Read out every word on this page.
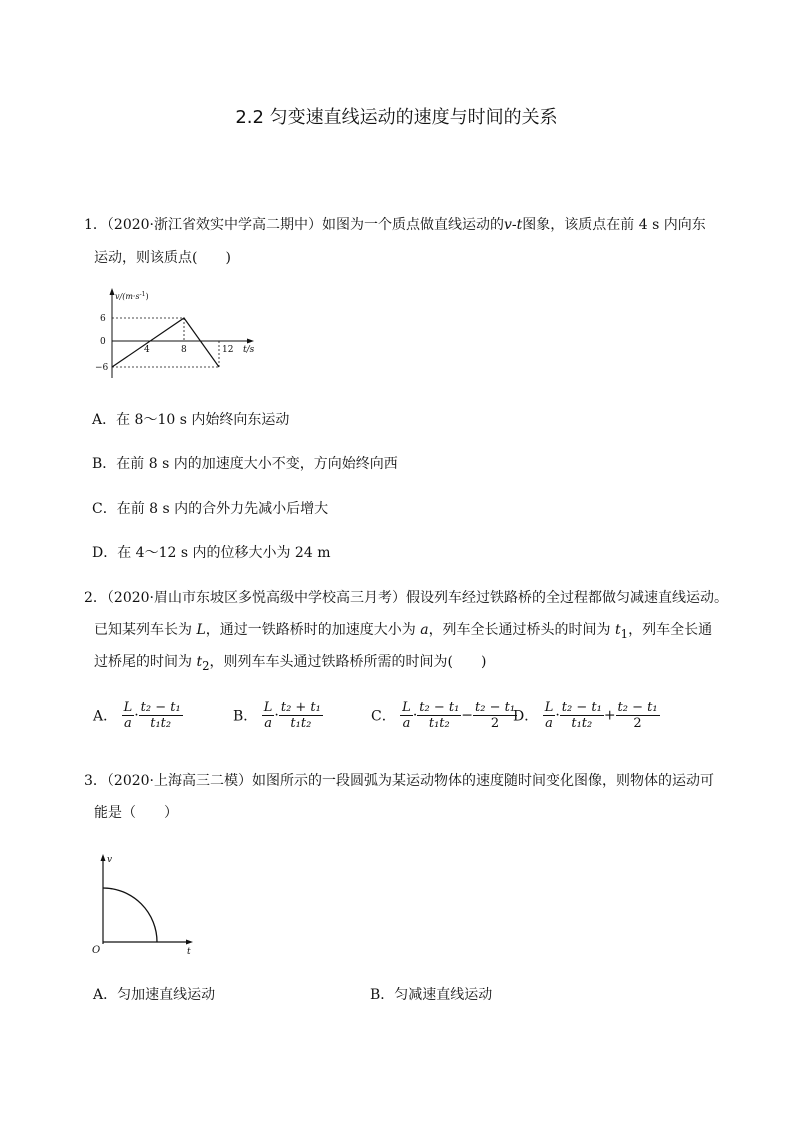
2.2 匀变速直线运动的速度与时间的关系
1．（2020·浙江省效实中学高二期中）如图为一个质点做直线运动的v-t图象，该质点在前 4 s 内向东
运动，则该质点(　　)
$v/(m\cdot s^{-1})$
6
0
−6
4	8	12 t/s
A．在 8～10 s 内始终向东运动
B．在前 8 s 内的加速度大小不变，方向始终向西
C．在前 8 s 内的合外力先减小后增大
D．在 4～12 s 内的位移大小为 24 m
2．（2020·眉山市东坡区多悦高级中学校高三月考）假设列车经过铁路桥的全过程都做匀减速直线运动。
已知某列车长为 L，通过一铁路桥时的加速度大小为 a，列车全长通过桥头的时间为 $t_1$，列车全长通
过桥尾的时间为 $t_2$，则列车车头通过铁路桥所需的时间为(　　)
A． $\frac{L}{a} \cdot \frac{\text{t₂ − t₁}}{\text{t₁t₂}}$	B． $\frac{L}{a} \cdot \frac{\text{t₂ + t₁}}{\text{t₁t₂}}$	C． $\frac{L}{a} \cdot \frac{\text{t₂ − t₁}}{\text{t₁t₂}} - \frac{\text{t₂ − t₁}}{2}$
D． $\frac{L}{a} \cdot \frac{\text{t₂ − t₁}}{\text{t₁t₂}} + \frac{\text{t₂ − t₁}}{2}$
3．（2020·上海高三二模）如图所示的一段圆弧为某运动物体的速度随时间变化图像，则物体的运动可
能是（　　）
v
t
O
A．匀加速直线运动	B．匀减速直线运动
